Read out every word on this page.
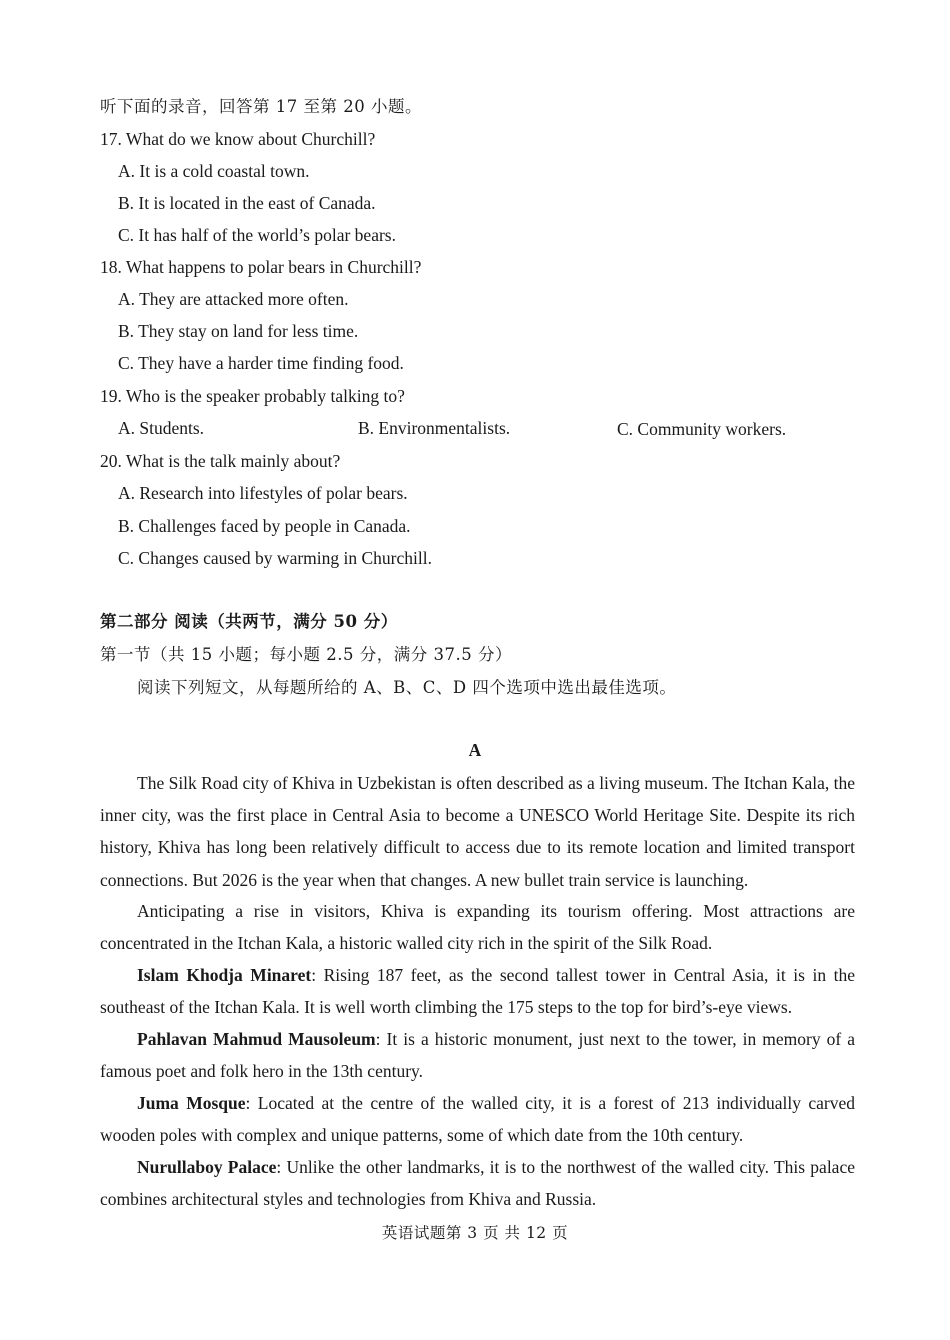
听下面的录音，回答第 17 至第 20 小题。
17. What do we know about Churchill?
A. It is a cold coastal town.
B. It is located in the east of Canada.
C. It has half of the world’s polar bears.
18. What happens to polar bears in Churchill?
A. They are attacked more often.
B. They stay on land for less time.
C. They have a harder time finding food.
19. Who is the speaker probably talking to?
A. Students.	B. Environmentalists.	C. Community workers.
20. What is the talk mainly about?
A. Research into lifestyles of polar bears.
B. Challenges faced by people in Canada.
C. Changes caused by warming in Churchill.
第二部分 阅读（共两节，满分 50 分）
第一节（共 15 小题；每小题 2.5 分，满分 37.5 分）
阅读下列短文，从每题所给的 A、B、C、D 四个选项中选出最佳选项。
A
The Silk Road city of Khiva in Uzbekistan is often described as a living museum. The Itchan Kala, the inner city, was the first place in Central Asia to become a UNESCO World Heritage Site. Despite its rich history, Khiva has long been relatively difficult to access due to its remote location and limited transport connections. But 2026 is the year when that changes. A new bullet train service is launching.
Anticipating a rise in visitors, Khiva is expanding its tourism offering. Most attractions are concentrated in the Itchan Kala, a historic walled city rich in the spirit of the Silk Road.
Islam Khodja Minaret: Rising 187 feet, as the second tallest tower in Central Asia, it is in the southeast of the Itchan Kala. It is well worth climbing the 175 steps to the top for bird’s-eye views.
Pahlavan Mahmud Mausoleum: It is a historic monument, just next to the tower, in memory of a famous poet and folk hero in the 13th century.
Juma Mosque: Located at the centre of the walled city, it is a forest of 213 individually carved wooden poles with complex and unique patterns, some of which date from the 10th century.
Nurullaboy Palace: Unlike the other landmarks, it is to the northwest of the walled city. This palace combines architectural styles and technologies from Khiva and Russia.
英语试题第 3 页 共 12 页
